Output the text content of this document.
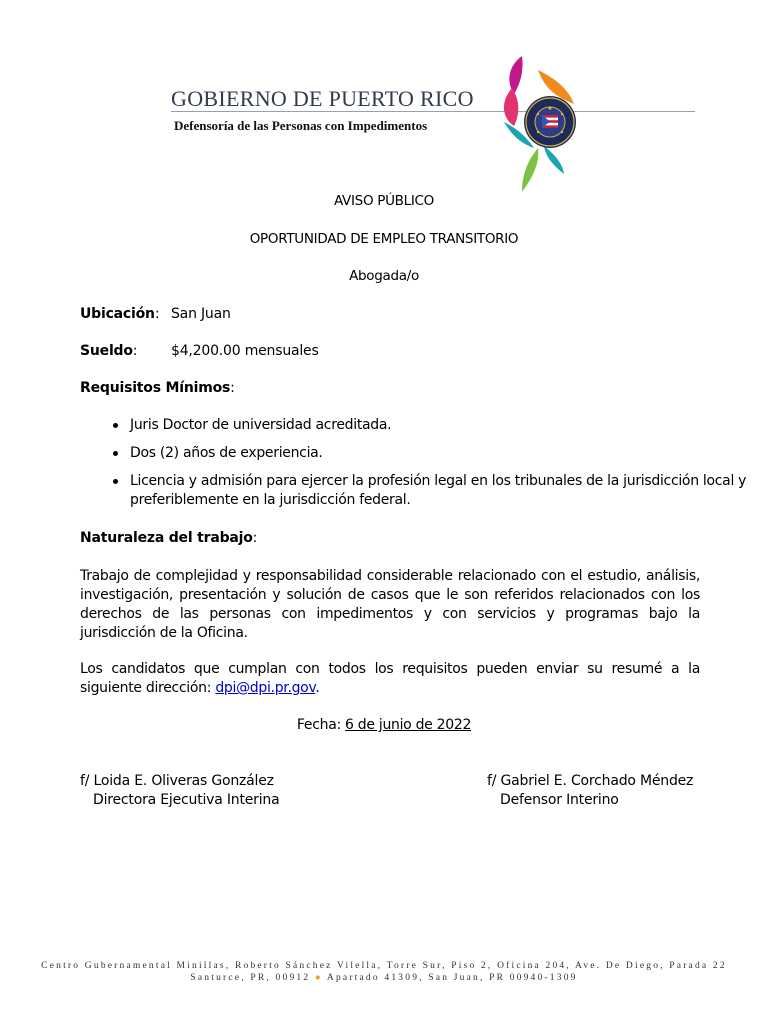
GOBIERNO DE PUERTO RICO
Defensoría de las Personas con Impedimentos
AVISO PÚBLICO
OPORTUNIDAD DE EMPLEO TRANSITORIO
Abogada/o
Ubicación: San Juan
Sueldo: $4,200.00 mensuales
Requisitos Mínimos:
Juris Doctor de universidad acreditada.
Dos (2) años de experiencia.
Licencia y admisión para ejercer la profesión legal en los tribunales de la jurisdicción local y preferiblemente en la jurisdicción federal.
Naturaleza del trabajo:
Trabajo de complejidad y responsabilidad considerable relacionado con el estudio, análisis, investigación, presentación y solución de casos que le son referidos relacionados con los derechos de las personas con impedimentos y con servicios y programas bajo la jurisdicción de la Oficina.
Los candidatos que cumplan con todos los requisitos pueden enviar su resumé a la siguiente dirección: dpi@dpi.pr.gov.
Fecha: 6 de junio de 2022
f/ Loida E. Oliveras González
Directora Ejecutiva Interina
f/ Gabriel E. Corchado Méndez
Defensor Interino
Centro Gubernamental Minillas, Roberto Sánchez Vilella, Torre Sur, Piso 2, Oficina 204, Ave. De Diego, Parada 22
Santurce, PR, 00912 ● Apartado 41309, San Juan, PR 00940-1309
